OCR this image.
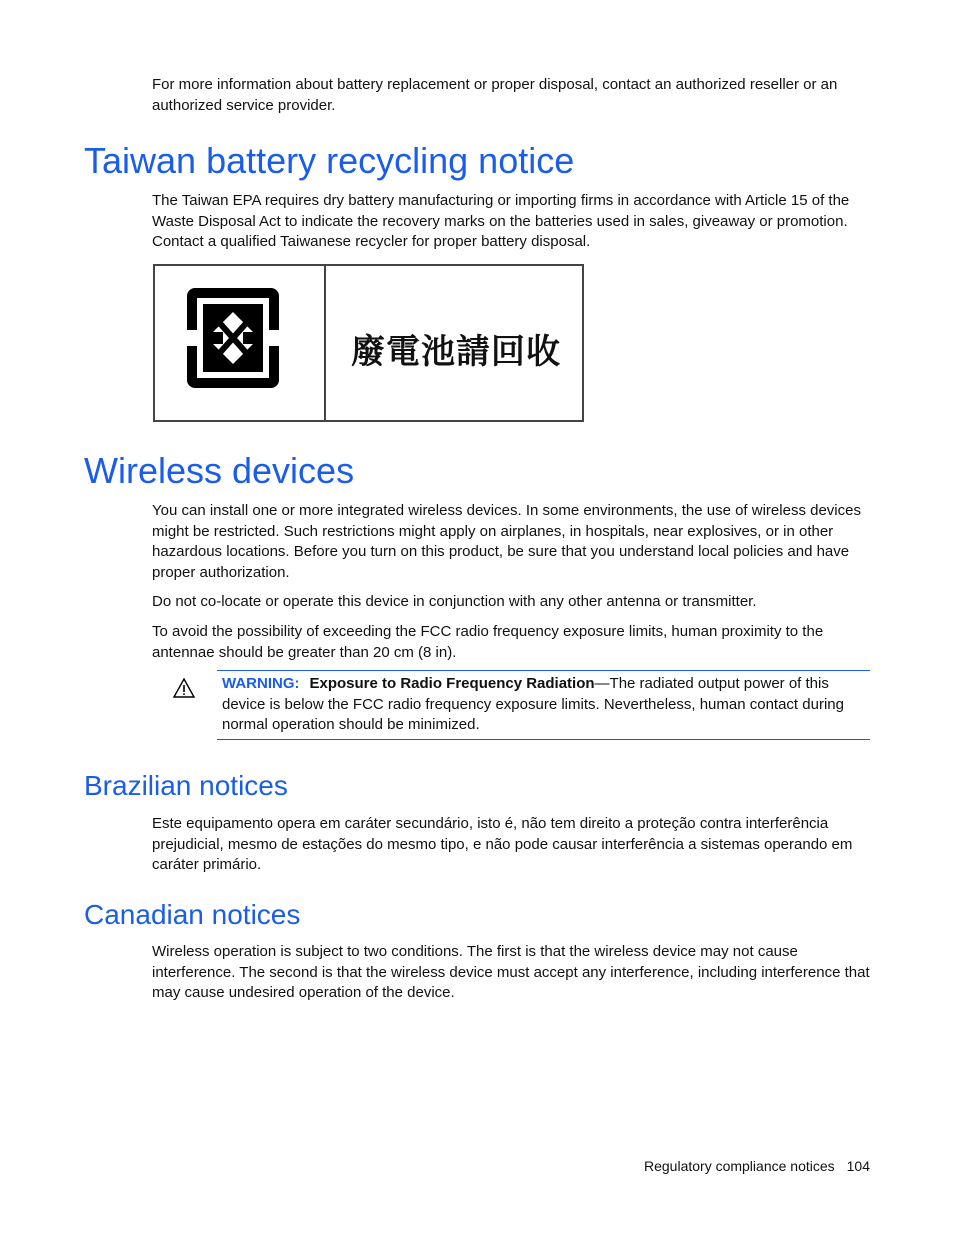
For more information about battery replacement or proper disposal, contact an authorized reseller or an authorized service provider.

Taiwan battery recycling notice

The Taiwan EPA requires dry battery manufacturing or importing firms in accordance with Article 15 of the Waste Disposal Act to indicate the recovery marks on the batteries used in sales, giveaway or promotion. Contact a qualified Taiwanese recycler for proper battery disposal.

廢電池請回收
Wireless devices

You can install one or more integrated wireless devices. In some environments, the use of wireless devices might be restricted. Such restrictions might apply on airplanes, in hospitals, near explosives, or in other hazardous locations. Before you turn on this product, be sure that you understand local policies and have proper authorization.

Do not co-locate or operate this device in conjunction with any other antenna or transmitter.

To avoid the possibility of exceeding the FCC radio frequency exposure limits, human proximity to the antennae should be greater than 20 cm (8 in).

WARNING: Exposure to Radio Frequency Radiation—The radiated output power of this device is below the FCC radio frequency exposure limits. Nevertheless, human contact during normal operation should be minimized.

Brazilian notices

Este equipamento opera em caráter secundário, isto é, não tem direito a proteção contra interferência prejudicial, mesmo de estações do mesmo tipo, e não pode causar interferência a sistemas operando em caráter primário.

Canadian notices

Wireless operation is subject to two conditions. The first is that the wireless device may not cause interference. The second is that the wireless device must accept any interference, including interference that may cause undesired operation of the device.

Regulatory compliance notices 104
